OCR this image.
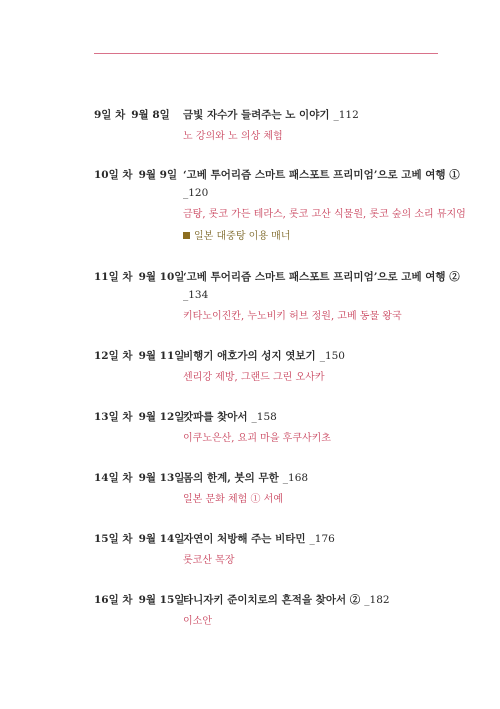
9일 차 9월 8일	금빛 자수가 들려주는 노 이야기 _112
노 강의와 노 의상 체험
10일 차 9월 9일 ‘고베 투어리즘 스마트 패스포트 프리미엄’으로 고베 여행 ①
_120
금탕, 롯코 가든 테라스, 롯코 고산 식물원, 롯코 숲의 소리 뮤지엄
일본 대중탕 이용 매너
11일 차 9월 10일
‘고베 투어리즘 스마트 패스포트 프리미엄’으로 고베 여행 ②
_134
키타노이진칸, 누노비키 허브 정원, 고베 동물 왕국
12일 차 9월 11일
비행기 애호가의 성지 엿보기 _150
센리강 제방, 그랜드 그린 오사카
13일 차 9월 12일
캇파를 찾아서 _158
이쿠노은산, 요괴 마을 후쿠사키초
14일 차 9월 13일
몸의 한계, 붓의 무한 _168
일본 문화 체험 ① 서예
15일 차 9월 14일
자연이 처방해 주는 비타민 _176
롯코산 목장
16일 차 9월 15일
타니자키 준이치로의 흔적을 찾아서 ② _182
이소안
